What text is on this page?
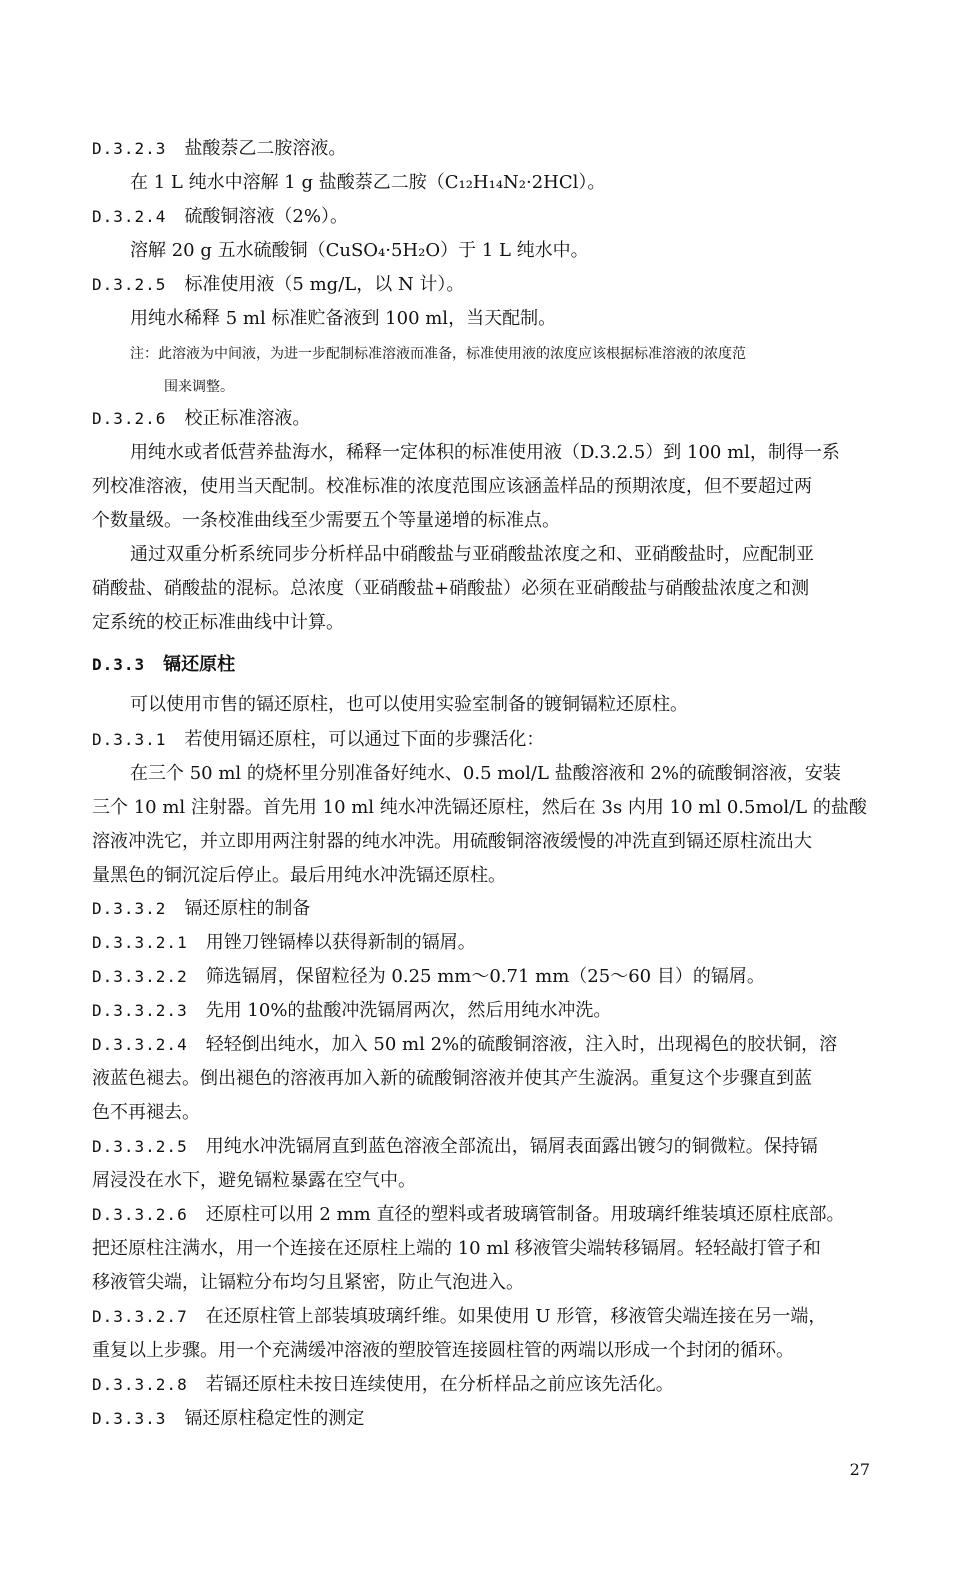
D.3.2.3 盐酸萘乙二胺溶液。
在 1 L 纯水中溶解 1 g 盐酸萘乙二胺（C₁₂H₁₄N₂·2HCl）。
D.3.2.4 硫酸铜溶液（2%）。
溶解 20 g 五水硫酸铜（CuSO₄·5H₂O）于 1 L 纯水中。
D.3.2.5 标准使用液（5 mg/L，以 N 计）。
用纯水稀释 5 ml 标准贮备液到 100 ml，当天配制。
注：此溶液为中间液，为进一步配制标准溶液而准备，标准使用液的浓度应该根据标准溶液的浓度范
围来调整。
D.3.2.6 校正标准溶液。
用纯水或者低营养盐海水，稀释一定体积的标准使用液（D.3.2.5）到 100 ml，制得一系
列校准溶液，使用当天配制。校准标准的浓度范围应该涵盖样品的预期浓度，但不要超过两
个数量级。一条校准曲线至少需要五个等量递增的标准点。
通过双重分析系统同步分析样品中硝酸盐与亚硝酸盐浓度之和、亚硝酸盐时，应配制亚
硝酸盐、硝酸盐的混标。总浓度（亚硝酸盐+硝酸盐）必须在亚硝酸盐与硝酸盐浓度之和测
定系统的校正标准曲线中计算。
D.3.3 镉还原柱
可以使用市售的镉还原柱，也可以使用实验室制备的镀铜镉粒还原柱。
D.3.3.1 若使用镉还原柱，可以通过下面的步骤活化：
在三个 50 ml 的烧杯里分别准备好纯水、0.5 mol/L 盐酸溶液和 2%的硫酸铜溶液，安装
三个 10 ml 注射器。首先用 10 ml 纯水冲洗镉还原柱，然后在 3s 内用 10 ml 0.5mol/L 的盐酸
溶液冲洗它，并立即用两注射器的纯水冲洗。用硫酸铜溶液缓慢的冲洗直到镉还原柱流出大
量黑色的铜沉淀后停止。最后用纯水冲洗镉还原柱。
D.3.3.2 镉还原柱的制备
D.3.3.2.1 用锉刀锉镉棒以获得新制的镉屑。
D.3.3.2.2 筛选镉屑，保留粒径为 0.25 mm～0.71 mm（25～60 目）的镉屑。
D.3.3.2.3 先用 10%的盐酸冲洗镉屑两次，然后用纯水冲洗。
D.3.3.2.4 轻轻倒出纯水，加入 50 ml 2%的硫酸铜溶液，注入时，出现褐色的胶状铜，溶
液蓝色褪去。倒出褪色的溶液再加入新的硫酸铜溶液并使其产生漩涡。重复这个步骤直到蓝
色不再褪去。
D.3.3.2.5 用纯水冲洗镉屑直到蓝色溶液全部流出，镉屑表面露出镀匀的铜微粒。保持镉
屑浸没在水下，避免镉粒暴露在空气中。
D.3.3.2.6 还原柱可以用 2 mm 直径的塑料或者玻璃管制备。用玻璃纤维装填还原柱底部。
把还原柱注满水，用一个连接在还原柱上端的 10 ml 移液管尖端转移镉屑。轻轻敲打管子和
移液管尖端，让镉粒分布均匀且紧密，防止气泡进入。
D.3.3.2.7 在还原柱管上部装填玻璃纤维。如果使用 U 形管，移液管尖端连接在另一端，
重复以上步骤。用一个充满缓冲溶液的塑胶管连接圆柱管的两端以形成一个封闭的循环。
D.3.3.2.8 若镉还原柱未按日连续使用，在分析样品之前应该先活化。
D.3.3.3 镉还原柱稳定性的测定
27
